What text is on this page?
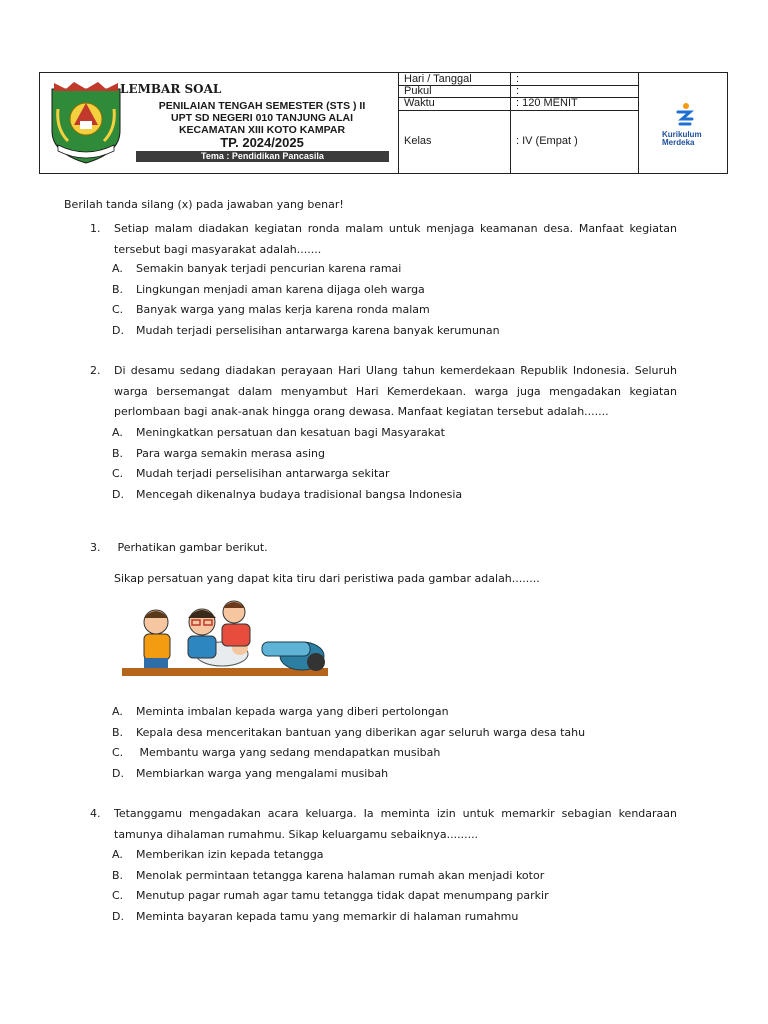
LEMBAR SOAL
PENILAIAN TENGAH SEMESTER (STS ) II
UPT SD NEGERI 010 TANJUNG ALAI
KECAMATAN XIII KOTO KAMPAR
TP. 2024/2025
Tema : Pendidikan Pancasila
Hari / Tanggal	:
Pukul	:
Waktu	: 120 MENIT
Kelas	: IV (Empat )
Kurikulum
Merdeka
Berilah tanda silang (x) pada jawaban yang benar!
1. Setiap malam diadakan kegiatan ronda malam untuk menjaga keamanan desa. Manfaat kegiatan tersebut bagi masyarakat adalah.......
A. Semakin banyak terjadi pencurian karena ramai
B. Lingkungan menjadi aman karena dijaga oleh warga
C. Banyak warga yang malas kerja karena ronda malam
D. Mudah terjadi perselisihan antarwarga karena banyak kerumunan
2. Di desamu sedang diadakan perayaan Hari Ulang tahun kemerdekaan Republik Indonesia. Seluruh warga bersemangat dalam menyambut Hari Kemerdekaan. warga juga mengadakan kegiatan perlombaan bagi anak-anak hingga orang dewasa. Manfaat kegiatan tersebut adalah.......
A. Meningkatkan persatuan dan kesatuan bagi Masyarakat
B. Para warga semakin merasa asing
C. Mudah terjadi perselisihan antarwarga sekitar
D. Mencegah dikenalnya budaya tradisional bangsa Indonesia
3. Perhatikan gambar berikut.
Sikap persatuan yang dapat kita tiru dari peristiwa pada gambar adalah........
A. Meminta imbalan kepada warga yang diberi pertolongan
B. Kepala desa menceritakan bantuan yang diberikan agar seluruh warga desa tahu
C. Membantu warga yang sedang mendapatkan musibah
D. Membiarkan warga yang mengalami musibah
4. Tetanggamu mengadakan acara keluarga. Ia meminta izin untuk memarkir sebagian kendaraan tamunya dihalaman rumahmu. Sikap keluargamu sebaiknya.........
A. Memberikan izin kepada tetangga
B. Menolak permintaan tetangga karena halaman rumah akan menjadi kotor
C. Menutup pagar rumah agar tamu tetangga tidak dapat menumpang parkir
D. Meminta bayaran kepada tamu yang memarkir di halaman rumahmu
